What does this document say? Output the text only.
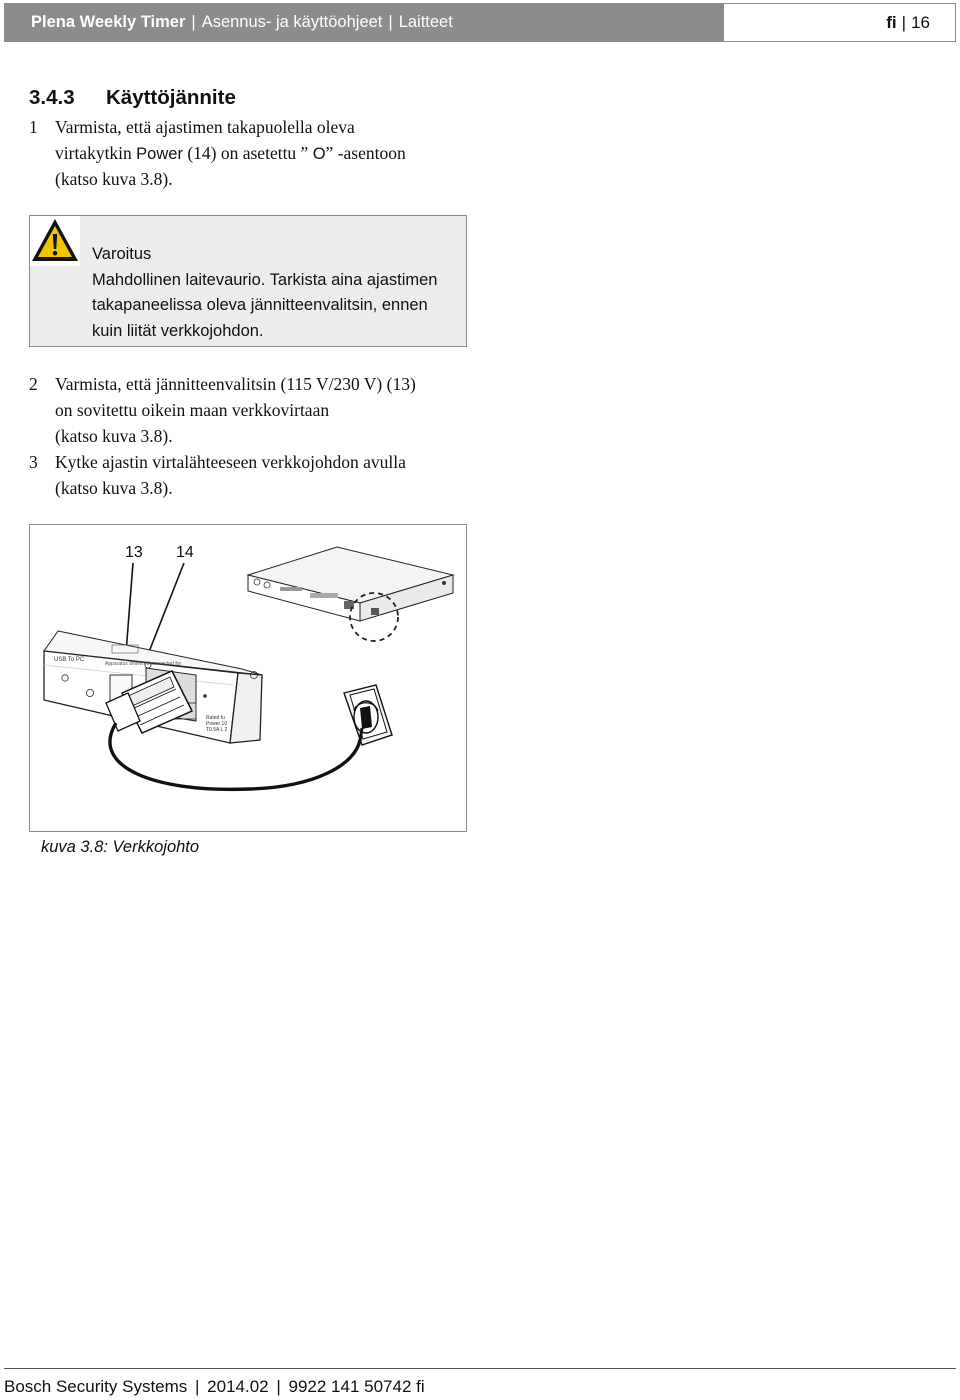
Plena Weekly Timer | Asennus- ja käyttöohjeet | Laitteet	fi | 16
3.4.3 Käyttöjännite
1 Varmista, että ajastimen takapuolella oleva
virtakytkin Power (14) on asetettu ” O” -asentoon
(katso kuva 3.8).
Varoitus
Mahdollinen laitevaurio. Tarkista aina ajastimen
takapaneelissa oleva jännitteenvalitsin, ennen
kuin liität verkkojohdon.
2 Varmista, että jännitteenvalitsin (115 V/230 V) (13)
on sovitettu oikein maan verkkovirtaan
(katso kuva 3.8).
3 Kytke ajastin virtalähteeseen verkkojohdon avulla
(katso kuva 3.8).
13 14
USB To PC
Apparatus delivered connected for
Rated fu
Power 10
T0.5A L 2
kuva 3.8: Verkkojohto
Bosch Security Systems | 2014.02 | 9922 141 50742 fi
